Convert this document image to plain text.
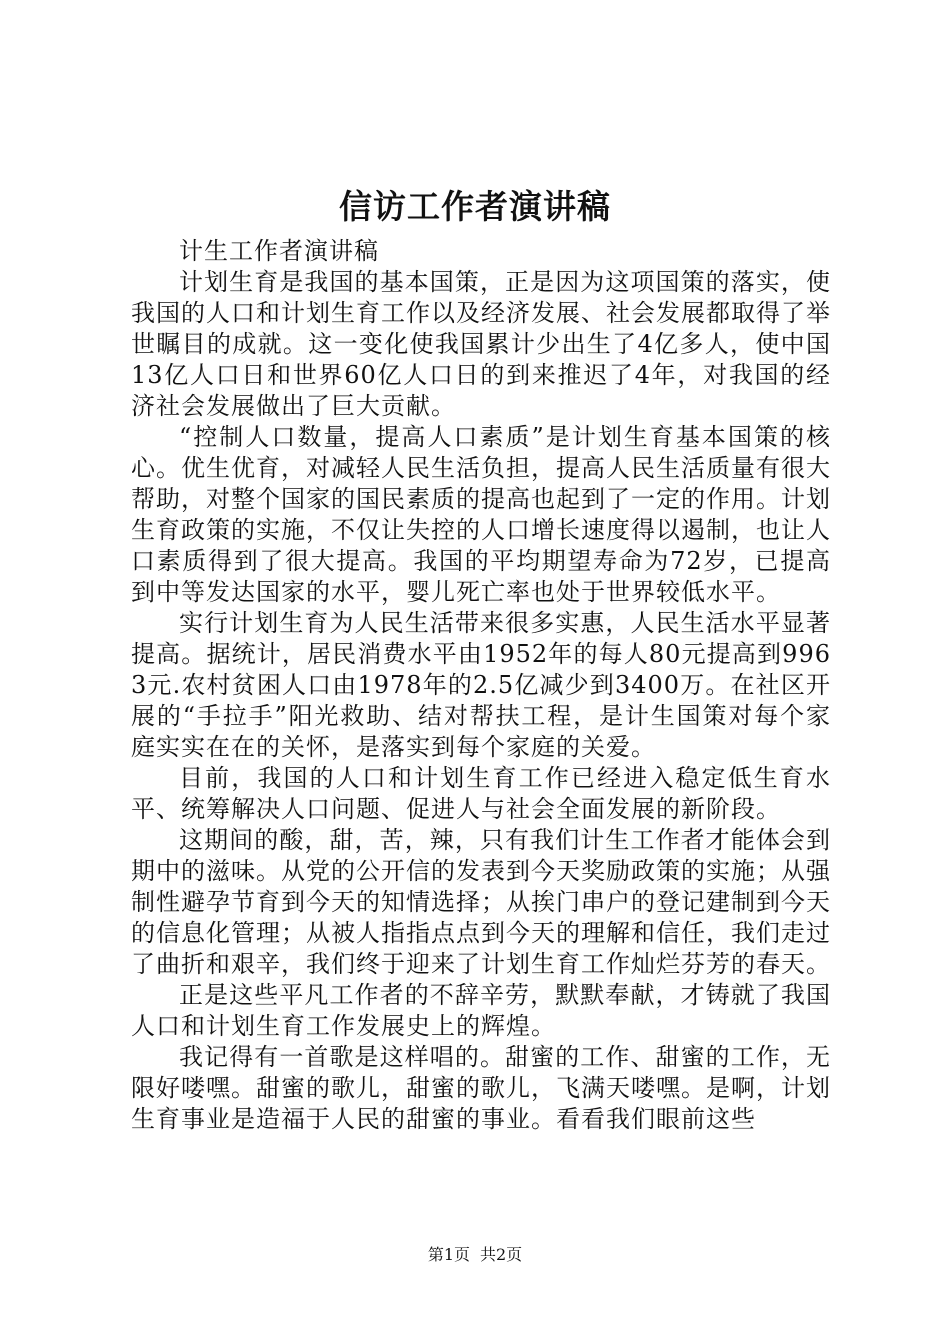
信访工作者演讲稿

计生工作者演讲稿

计划生育是我国的基本国策，正是因为这项国策的落实，使我国的人口和计划生育工作以及经济发展、社会发展都取得了举世瞩目的成就。这一变化使我国累计少出生了4亿多人，使中国13亿人口日和世界60亿人口日的到来推迟了4年，对我国的经济社会发展做出了巨大贡献。

“控制人口数量，提高人口素质”是计划生育基本国策的核心。优生优育，对减轻人民生活负担，提高人民生活质量有很大帮助，对整个国家的国民素质的提高也起到了一定的作用。计划生育政策的实施，不仅让失控的人口增长速度得以遏制，也让人口素质得到了很大提高。我国的平均期望寿命为72岁，已提高到中等发达国家的水平，婴儿死亡率也处于世界较低水平。

实行计划生育为人民生活带来很多实惠，人民生活水平显著提高。据统计，居民消费水平由1952年的每人80元提高到9963元.农村贫困人口由1978年的2.5亿减少到3400万。在社区开展的“手拉手”阳光救助、结对帮扶工程，是计生国策对每个家庭实实在在的关怀，是落实到每个家庭的关爱。

目前，我国的人口和计划生育工作已经进入稳定低生育水平、统筹解决人口问题、促进人与社会全面发展的新阶段。

这期间的酸，甜，苦，辣，只有我们计生工作者才能体会到期中的滋味。从党的公开信的发表到今天奖励政策的实施；从强制性避孕节育到今天的知情选择；从挨门串户的登记建制到今天的信息化管理；从被人指指点点到今天的理解和信任，我们走过了曲折和艰辛，我们终于迎来了计划生育工作灿烂芬芳的春天。

正是这些平凡工作者的不辞辛劳，默默奉献，才铸就了我国人口和计划生育工作发展史上的辉煌。

我记得有一首歌是这样唱的。甜蜜的工作、甜蜜的工作，无限好喽嘿。甜蜜的歌儿，甜蜜的歌儿，飞满天喽嘿。是啊，计划生育事业是造福于人民的甜蜜的事业。看看我们眼前这些

第1页 共2页
